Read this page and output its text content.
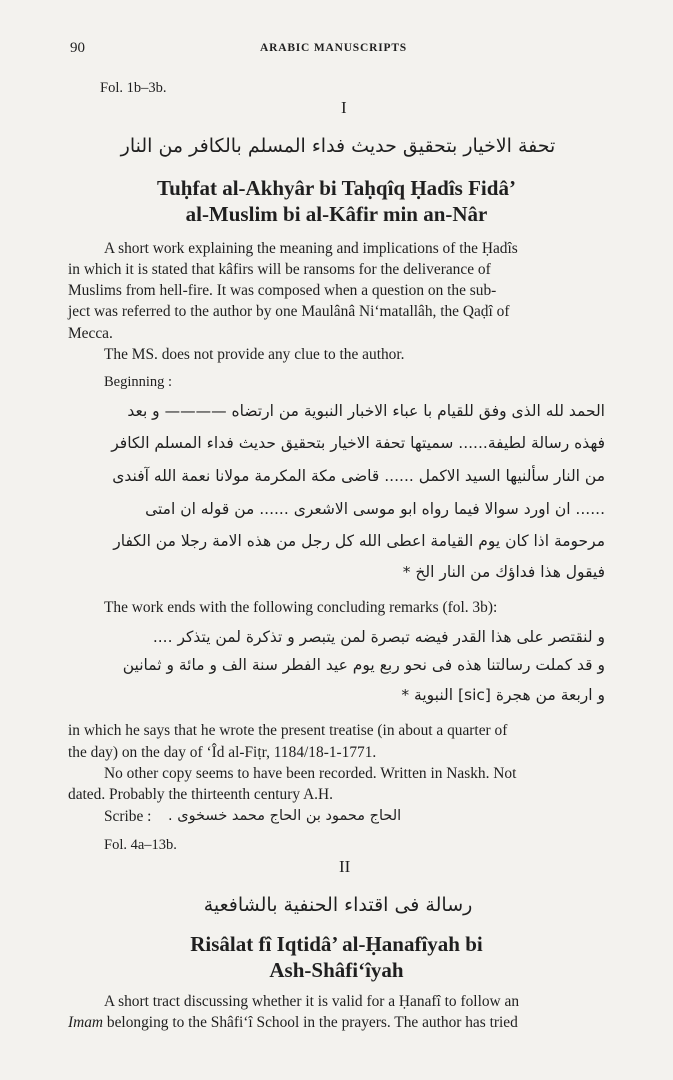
90	ARABIC MANUSCRIPTS
Fol. 1b–3b.
I
تحفة الاخيار بتحقيق حديث فداء المسلم بالكافر من النار
Tuḥfat al-Akhyâr bi Taḥqîq Ḥadîs Fidâ’
al-Muslim bi al-Kâfir min an-Nâr
A short work explaining the meaning and implications of the Ḥadîs
in which it is stated that kâfirs will be ransoms for the deliverance of
Muslims from hell-fire. It was composed when a question on the sub-
ject was referred to the author by one Maulânâ Ni‘matallâh, the Qaḍî of
Mecca.
The MS. does not provide any clue to the author.
Beginning :
الحمد لله الذى وفق للقيام با عباء الاخبار النبوية من ارتضاه ———— و بعد
فهذه رسالة لطيفة...... سميتها تحفة الاخيار بتحقيق حديث فداء المسلم الكافر
من النار سألنيها السيد الاكمل ...... قاضى مكة المكرمة مولانا نعمة الله آفندى
...... ان اورد سوالا فيما رواه ابو موسى الاشعرى ...... من قوله ان امتى
مرحومة اذا كان يوم القيامة اعطى الله كل رجل من هذه الامة رجلا من الكفار
فيقول هذا فداؤك من النار الخ *
The work ends with the following concluding remarks (fol. 3b):
و لنقتصر على هذا القدر فيضه تبصرة لمن يتبصر و تذكرة لمن يتذكر ....
و قد كملت رسالتنا هذه فى نحو ربع يوم عيد الفطر سنة الف و مائة و ثمانين
و اربعة من هجرة [sic] النبوية *
in which he says that he wrote the present treatise (in about a quarter of
the day) on the day of ‘Îd al-Fiṭr, 1184/18-1-1771.
No other copy seems to have been recorded. Written in Naskh. Not
dated. Probably the thirteenth century A.H.
Scribe : الحاج محمود بن الحاج محمد خسخوى .
Fol. 4a–13b.
II
رسالة فى اقتداء الحنفية بالشافعية
Risâlat fî Iqtidâ’ al-Ḥanafîyah bi
Ash-Shâfi‘îyah
A short tract discussing whether it is valid for a Ḥanafî to follow an
Imam belonging to the Shâfi‘î School in the prayers. The author has tried
